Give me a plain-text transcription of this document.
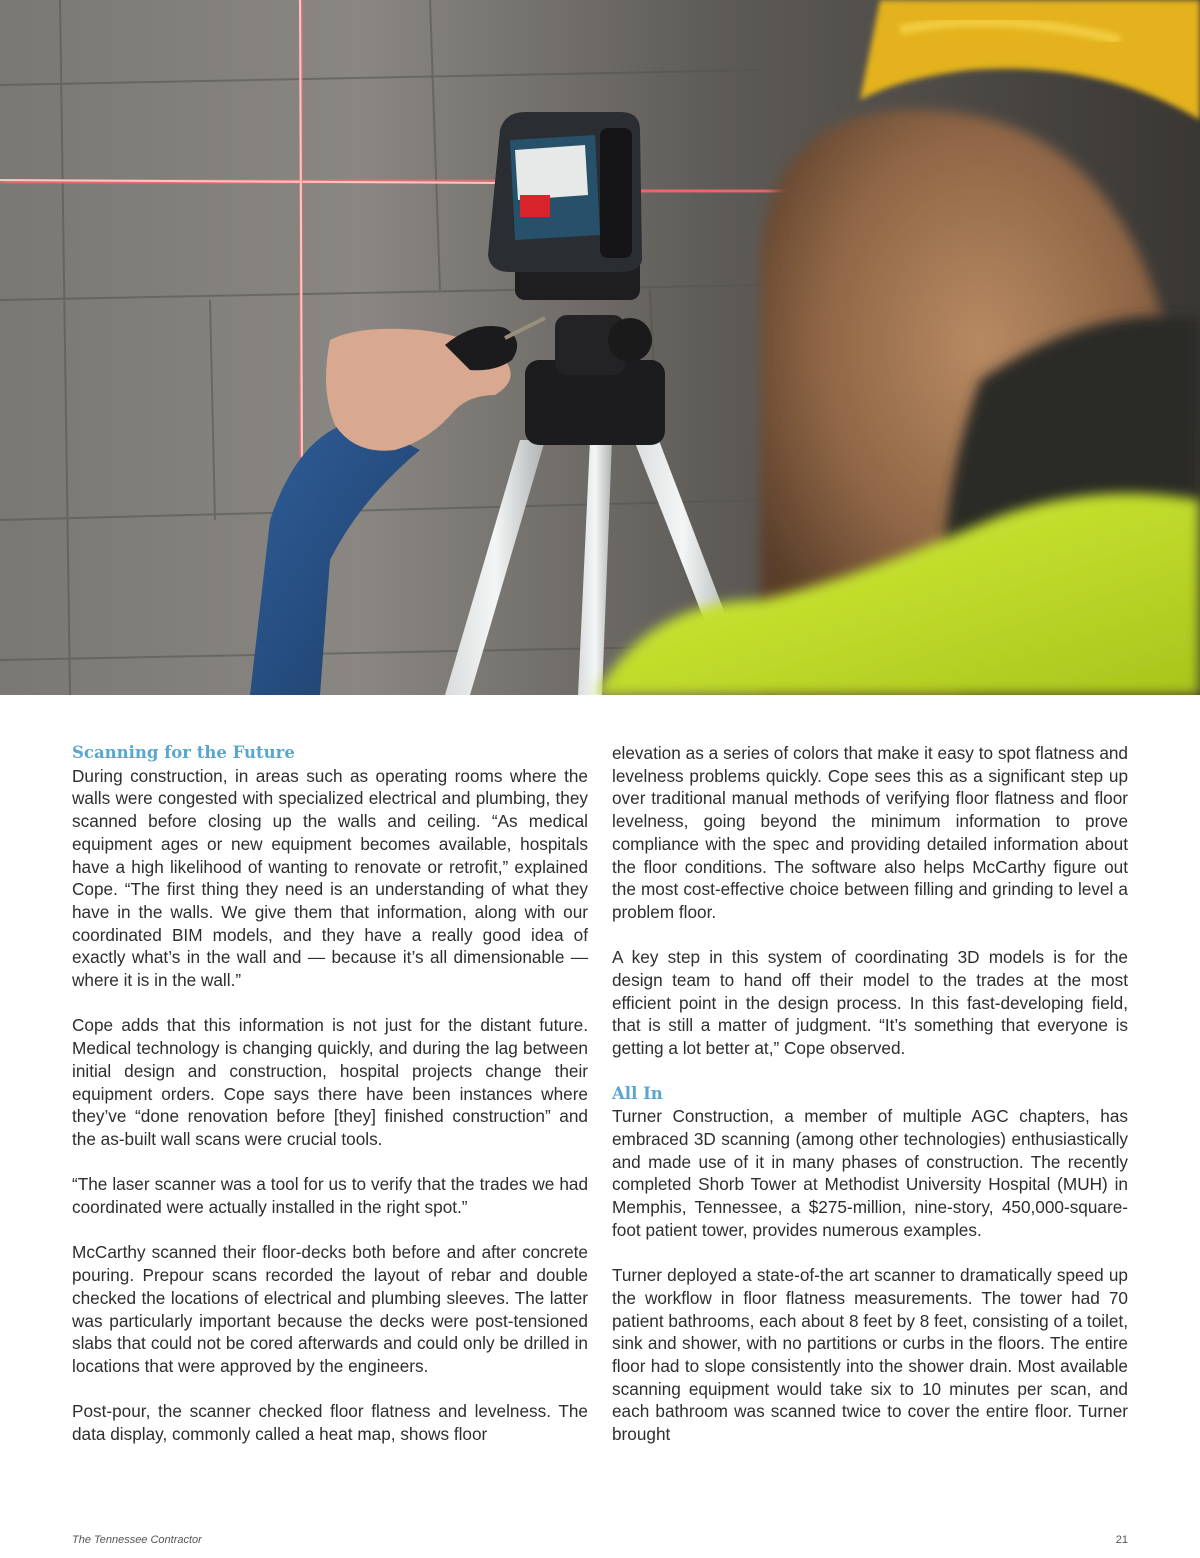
Scanning for the Future

During construction, in areas such as operating rooms where the walls were congested with specialized electrical and plumbing, they scanned before closing up the walls and ceiling. “As medical equipment ages or new equipment becomes available, hospitals have a high likelihood of wanting to renovate or retrofit,” explained Cope. “The first thing they need is an understanding of what they have in the walls. We give them that information, along with our coordinated BIM models, and they have a really good idea of exactly what’s in the wall and — because it’s all dimensionable — where it is in the wall.”

Cope adds that this information is not just for the distant future. Medical technology is changing quickly, and during the lag between initial design and construction, hospital projects change their equipment orders. Cope says there have been instances where they’ve “done renovation before [they] finished construction” and the as-built wall scans were crucial tools.

“The laser scanner was a tool for us to verify that the trades we had coordinated were actually installed in the right spot.”

McCarthy scanned their floor-decks both before and after concrete pouring. Prepour scans recorded the layout of rebar and double checked the locations of electrical and plumbing sleeves. The latter was particularly important because the decks were post-tensioned slabs that could not be cored afterwards and could only be drilled in locations that were approved by the engineers.

Post-pour, the scanner checked floor flatness and levelness. The data display, commonly called a heat map, shows floor

elevation as a series of colors that make it easy to spot flatness and levelness problems quickly. Cope sees this as a significant step up over traditional manual methods of verifying floor flatness and floor levelness, going beyond the minimum information to prove compliance with the spec and providing detailed information about the floor conditions. The software also helps McCarthy figure out the most cost-effective choice between filling and grinding to level a problem floor.

A key step in this system of coordinating 3D models is for the design team to hand off their model to the trades at the most efficient point in the design process. In this fast-developing field, that is still a matter of judgment. “It’s something that everyone is getting a lot better at,” Cope observed.

All In

Turner Construction, a member of multiple AGC chapters, has embraced 3D scanning (among other technologies) enthusiastically and made use of it in many phases of construction. The recently completed Shorb Tower at Methodist University Hospital (MUH) in Memphis, Tennessee, a $275-million, nine-story, 450,000-square-foot patient tower, provides numerous examples.

Turner deployed a state-of-the art scanner to dramatically speed up the workflow in floor flatness measurements. The tower had 70 patient bathrooms, each about 8 feet by 8 feet, consisting of a toilet, sink and shower, with no partitions or curbs in the floors. The entire floor had to slope consistently into the shower drain. Most available scanning equipment would take six to 10 minutes per scan, and each bathroom was scanned twice to cover the entire floor. Turner brought

The Tennessee Contractor	21
